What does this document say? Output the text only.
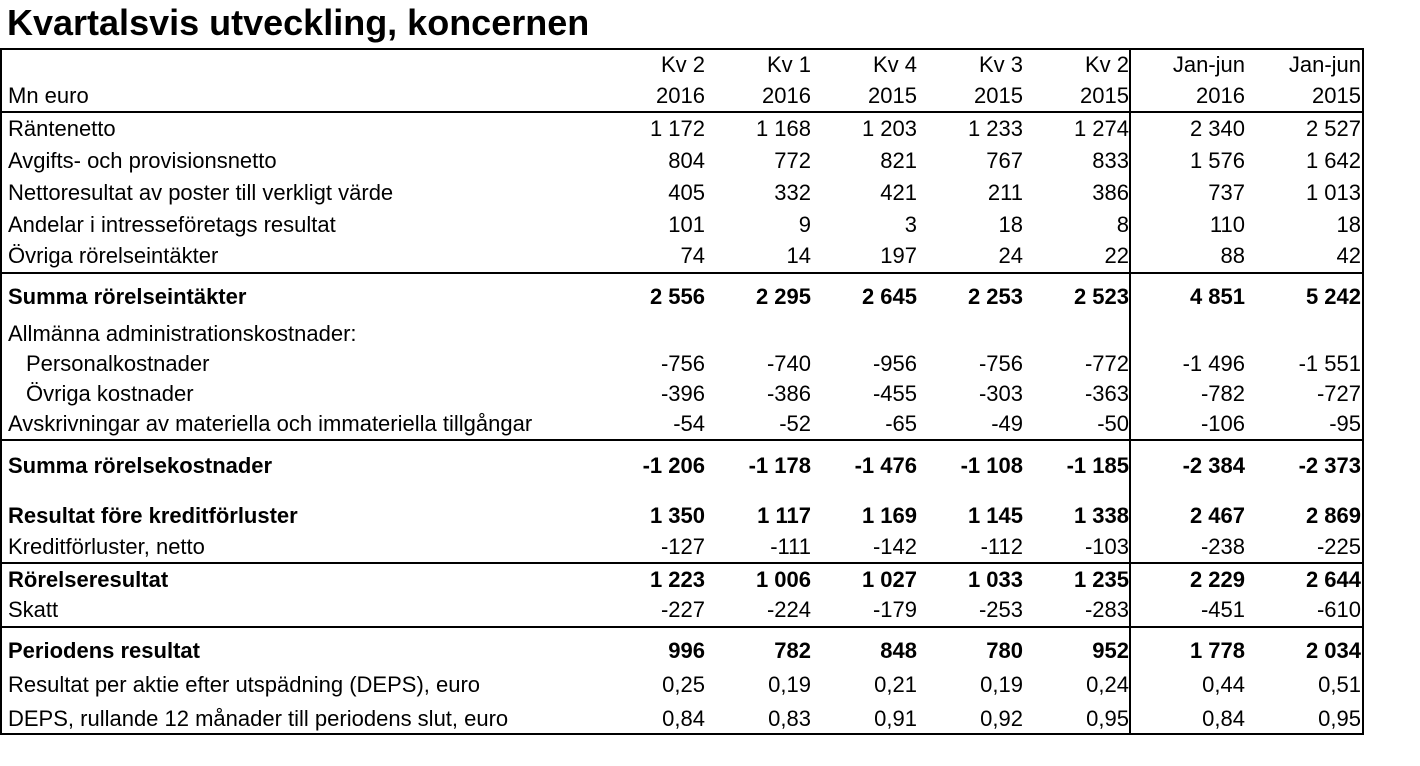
Kvartalsvis utveckling, koncernen
Kv 2	Kv 1	Kv 4	Kv 3	Kv 2	Jan-jun	Jan-jun
Mn euro	2016	2016	2015	2015	2015	2016	2015
Räntenetto	1 172	1 168	1 203	1 233	1 274	2 340	2 527
Avgifts- och provisionsnetto	804	772	821	767	833	1 576	1 642
Nettoresultat av poster till verkligt värde	405	332	421	211	386	737	1 013
Andelar i intresseföretags resultat	101	9	3	18	8	110	18
Övriga rörelseintäkter	74	14	197	24	22	88	42
Summa rörelseintäkter	2 556	2 295	2 645	2 253	2 523	4 851	5 242
Allmänna administrationskostnader:
Personalkostnader	-756	-740	-956	-756	-772	-1 496	-1 551
Övriga kostnader	-396	-386	-455	-303	-363	-782	-727
Avskrivningar av materiella och immateriella tillgångar	-54	-52	-65	-49	-50	-106	-95
Summa rörelsekostnader	-1 206	-1 178	-1 476	-1 108	-1 185	-2 384	-2 373
Resultat före kreditförluster	1 350	1 117	1 169	1 145	1 338	2 467	2 869
Kreditförluster, netto	-127	-111	-142	-112	-103	-238	-225
Rörelseresultat	1 223	1 006	1 027	1 033	1 235	2 229	2 644
Skatt	-227	-224	-179	-253	-283	-451	-610
Periodens resultat	996	782	848	780	952	1 778	2 034
Resultat per aktie efter utspädning (DEPS), euro	0,25	0,19	0,21	0,19	0,24	0,44	0,51
DEPS, rullande 12 månader till periodens slut, euro	0,84	0,83	0,91	0,92	0,95	0,84	0,95
